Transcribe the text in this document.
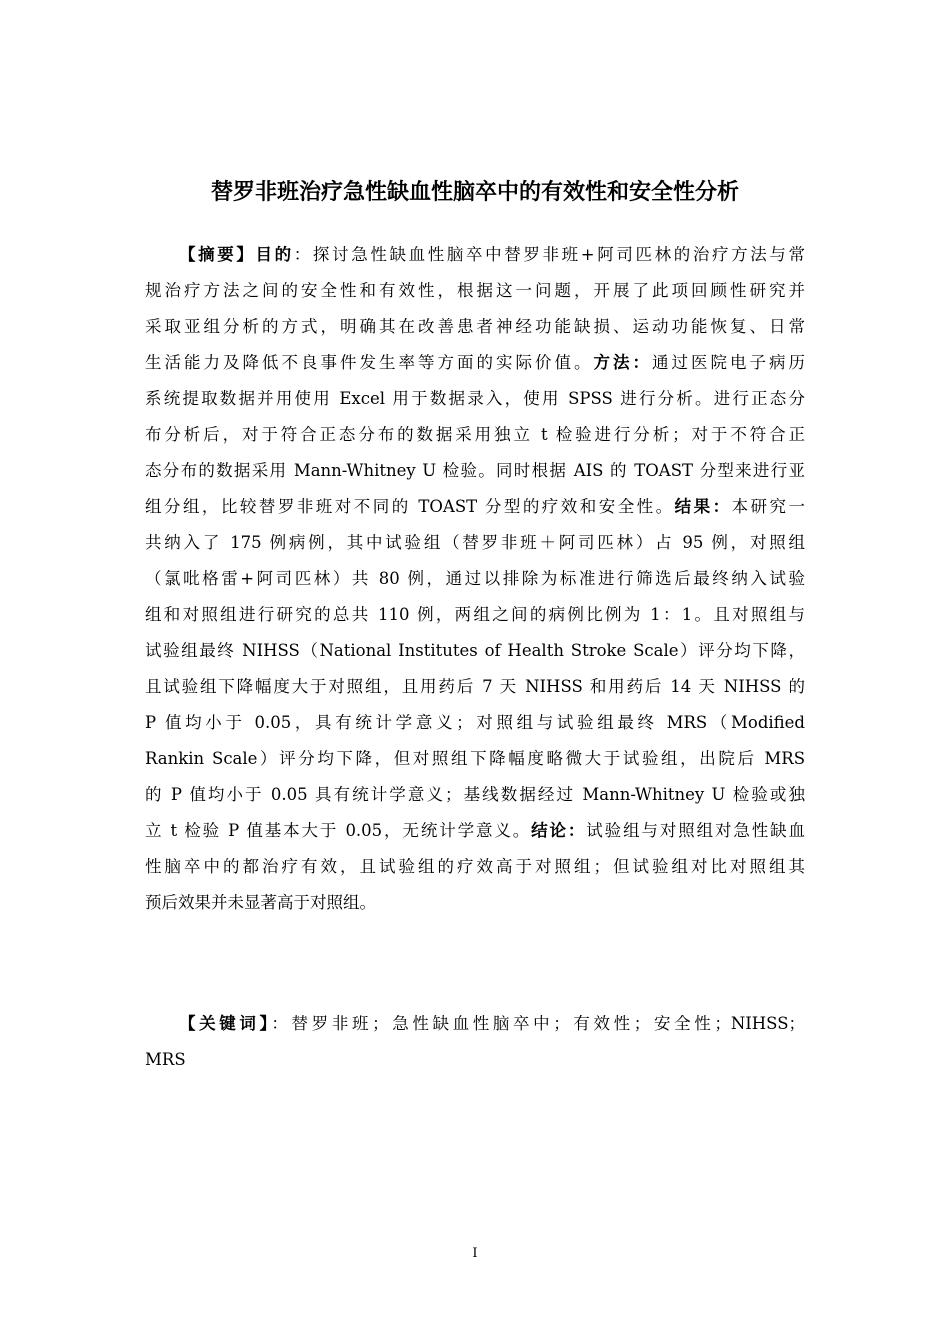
替罗非班治疗急性缺血性脑卒中的有效性和安全性分析
【摘要】目的：探讨急性缺血性脑卒中替罗非班+阿司匹林的治疗方法与常
规治疗方法之间的安全性和有效性，根据这一问题，开展了此项回顾性研究并
采取亚组分析的方式，明确其在改善患者神经功能缺损、运动功能恢复、日常
生活能力及降低不良事件发生率等方面的实际价值。方法：通过医院电子病历
系统提取数据并用使用 Excel 用于数据录入，使用 SPSS 进行分析。进行正态分
布分析后，对于符合正态分布的数据采用独立 t 检验进行分析；对于不符合正
态分布的数据采用 Mann-Whitney U 检验。同时根据 AIS 的 TOAST 分型来进行亚
组分组，比较替罗非班对不同的 TOAST 分型的疗效和安全性。结果：本研究一
共纳入了 175 例病例，其中试验组（替罗非班＋阿司匹林）占 95 例，对照组
（氯吡格雷+阿司匹林）共 80 例，通过以排除为标准进行筛选后最终纳入试验
组和对照组进行研究的总共 110 例，两组之间的病例比例为 1：1。且对照组与
试验组最终 NIHSS（National Institutes of Health Stroke Scale）评分均下降，
且试验组下降幅度大于对照组，且用药后 7 天 NIHSS 和用药后 14 天 NIHSS 的
P 值均小于 0.05，具有统计学意义；对照组与试验组最终 MRS（Modified
Rankin Scale）评分均下降，但对照组下降幅度略微大于试验组，出院后 MRS
的 P 值均小于 0.05 具有统计学意义；基线数据经过 Mann-Whitney U 检验或独
立 t 检验 P 值基本大于 0.05，无统计学意义。结论：试验组与对照组对急性缺血
性脑卒中的都治疗有效，且试验组的疗效高于对照组；但试验组对比对照组其
预后效果并未显著高于对照组。
【关键词】：替罗非班；急性缺血性脑卒中；有效性；安全性；NIHSS；
MRS
I
